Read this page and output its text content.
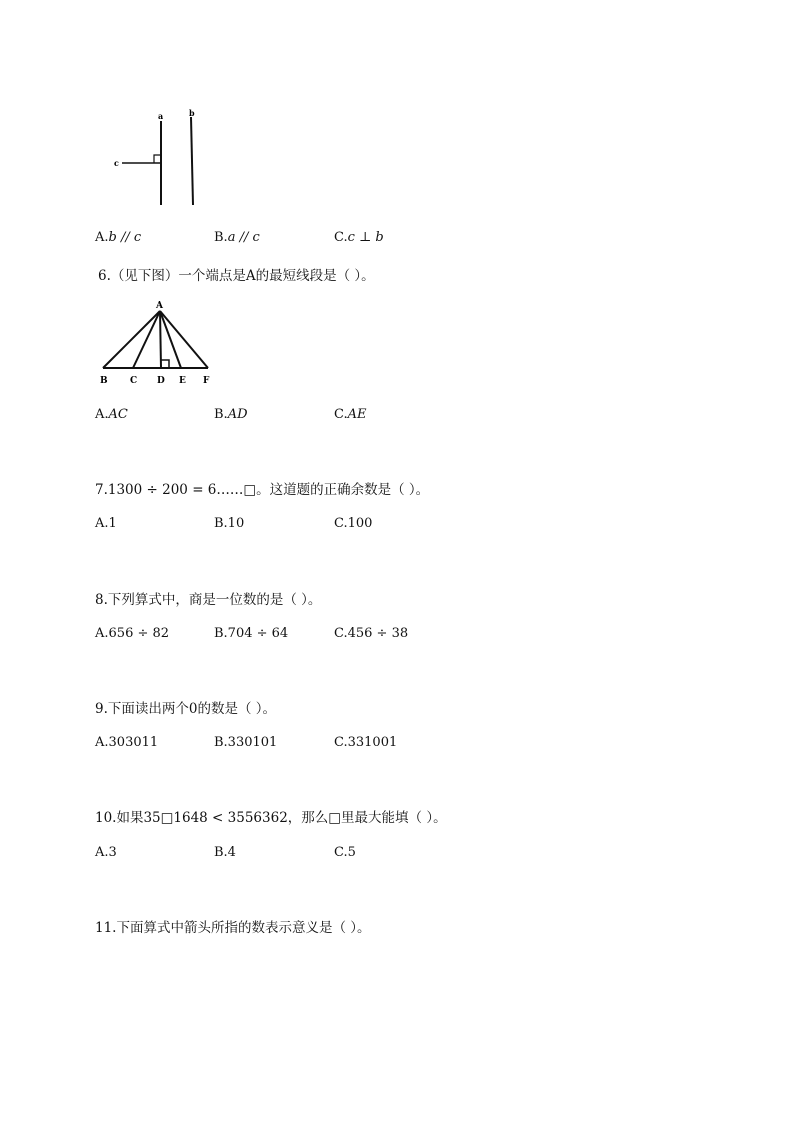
a	b
c
A.b // c	B.a // c	C.c ⊥ b
6.（见下图）一个端点是A的最短线段是（ ）。
A
B C D E F
A.AC	B.AD	C.AE
7.1300 ÷ 200 = 6……□。这道题的正确余数是（ ）。
A.1	B.10	C.100
8.下列算式中，商是一位数的是（ ）。
A.656 ÷ 82	B.704 ÷ 64	C.456 ÷ 38
9.下面读出两个0的数是（ ）。
A.303011	B.330101	C.331001
10.如果35□1648 < 3556362，那么□里最大能填（ ）。
A.3	B.4	C.5
11.下面算式中箭头所指的数表示意义是（ ）。
